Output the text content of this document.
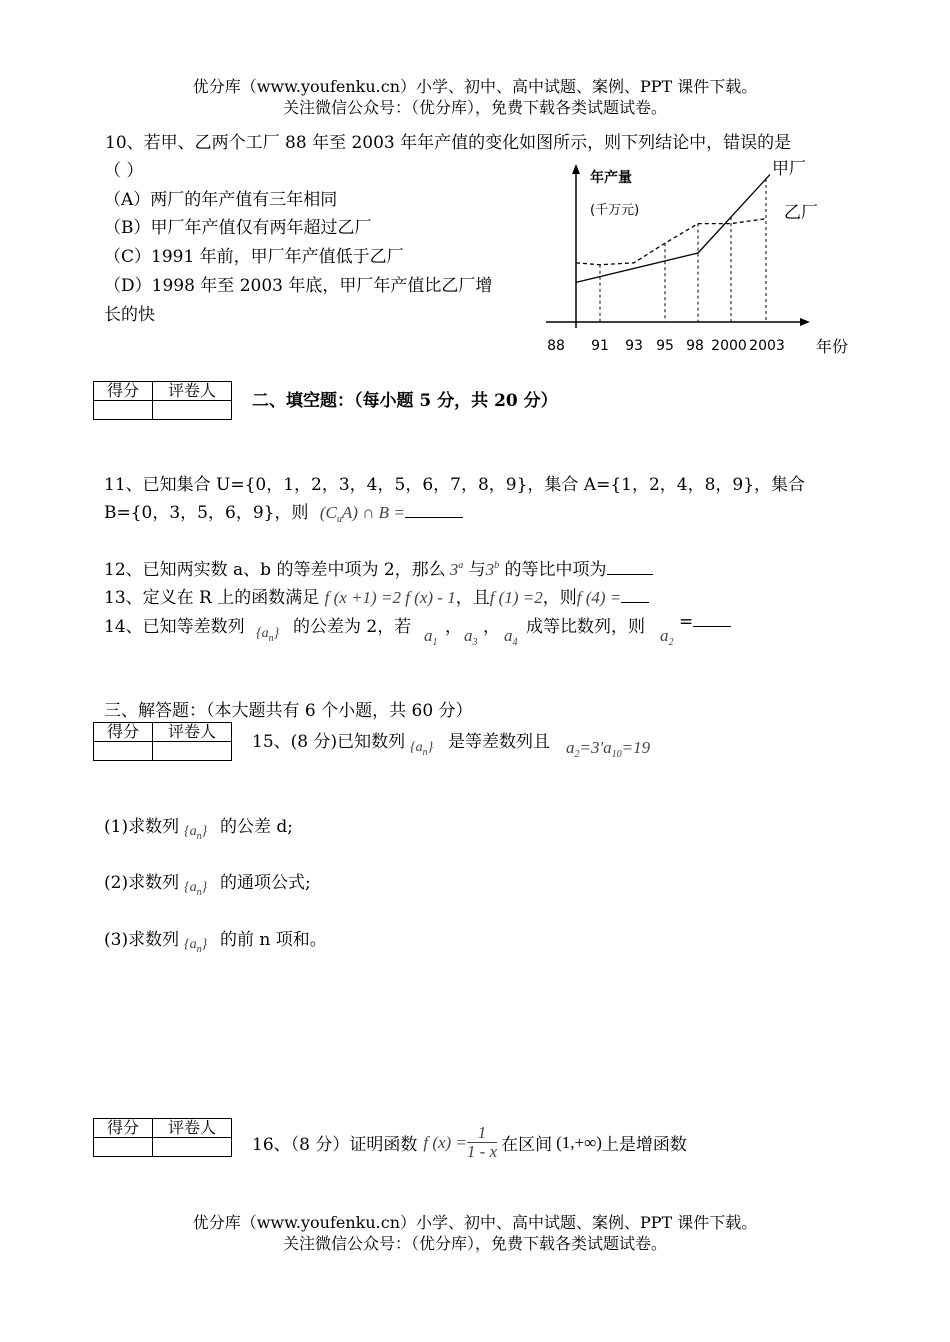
优分库（www.youfenku.cn）小学、初中、高中试题、案例、PPT 课件下载。
关注微信公众号：（优分库），免费下载各类试题试卷。
10、若甲、乙两个工厂 88 年至 2003 年年产值的变化如图所示，则下列结论中，错误的是
（ ）
（A）两厂的年产值有三年相同
（B）甲厂年产值仅有两年超过乙厂
（C）1991 年前，甲厂年产值低于乙厂
（D）1998 年至 2003 年底，甲厂年产值比乙厂增
长的快
年产量
(千万元)
88 91 93 95 98 2000 2003 年份
甲厂
乙厂
得分	评卷人

二、填空题：（每小题 5 分，共 20 分）
11、已知集合 U={0，1，2，3，4，5，6，7，8，9}，集合 A={1，2，4，8，9}，集合
B={0，3，5，6，9}，则 $(C_uA)$ ∩ B =
12、已知两实数 a、b 的等差中项为 2，那么 3$^a$ 与3$^b$ 的等比中项为
13、定义在 R 上的函数满足 f (x +1) =2 f (x) - 1，且f (1) =2，则f (4) =
14、已知等差数列 $\{a_n\}$ 的公差为 2，若 $a_1$
， $a_3$
， $a_4$
成等比数列，则 $a_2$
=
三、解答题：（本大题共有 6 个小题，共 60 分）
得分	评卷人

15、(8 分)已知数列 $\{a_n\}$ 是等差数列且 $a_2=3'a_{10}=19$
(1)求数列 $\{a_n\}$ 的公差 d;
(2)求数列 $\{a_n\}$ 的通项公式;
(3)求数列 $\{a_n\}$ 的前 n 项和。
得分	评卷人

16、（8 分）证明函数 f $(x) = \frac{1}{1 - x}$ 在区间 (1,+∞) 上是增函数
优分库（www.youfenku.cn）小学、初中、高中试题、案例、PPT 课件下载。
关注微信公众号：（优分库），免费下载各类试题试卷。
